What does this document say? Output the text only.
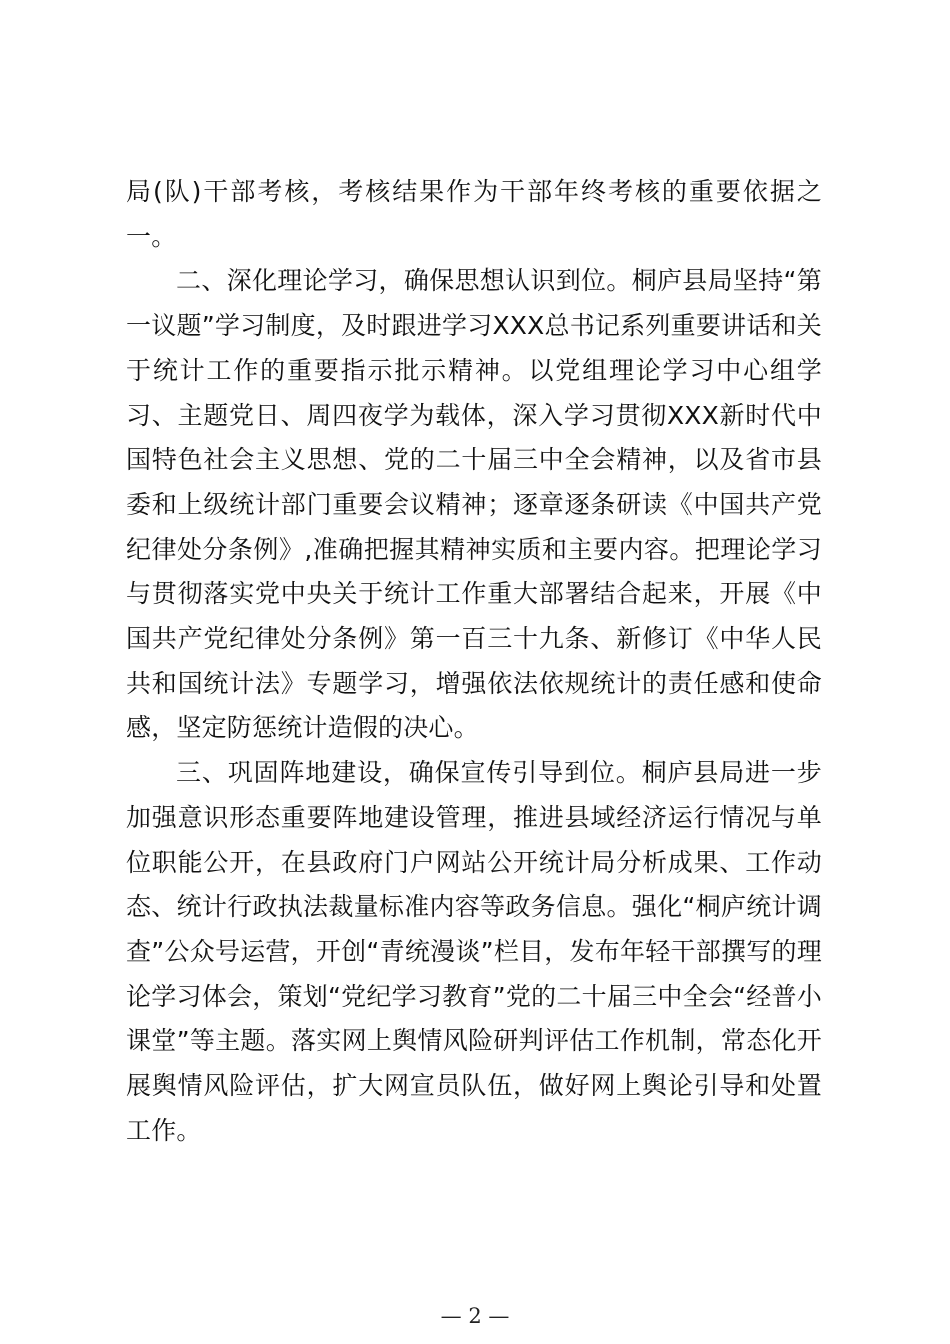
局(队)干部考核，考核结果作为干部年终考核的重要依据之一。

二、深化理论学习，确保思想认识到位。桐庐县局坚持“第一议题”学习制度，及时跟进学习XXX总书记系列重要讲话和关于统计工作的重要指示批示精神。以党组理论学习中心组学习、主题党日、周四夜学为载体，深入学习贯彻XXX新时代中国特色社会主义思想、党的二十届三中全会精神，以及省市县委和上级统计部门重要会议精神；逐章逐条研读《中国共产党纪律处分条例》,准确把握其精神实质和主要内容。把理论学习与贯彻落实党中央关于统计工作重大部署结合起来，开展《中国共产党纪律处分条例》第一百三十九条、新修订《中华人民共和国统计法》专题学习，增强依法依规统计的责任感和使命感，坚定防惩统计造假的决心。

三、巩固阵地建设，确保宣传引导到位。桐庐县局进一步加强意识形态重要阵地建设管理，推进县域经济运行情况与单位职能公开，在县政府门户网站公开统计局分析成果、工作动态、统计行政执法裁量标准内容等政务信息。强化“桐庐统计调查”公众号运营，开创“青统漫谈”栏目，发布年轻干部撰写的理论学习体会，策划“党纪学习教育”党的二十届三中全会“经普小课堂”等主题。落实网上舆情风险研判评估工作机制，常态化开展舆情风险评估，扩大网宣员队伍，做好网上舆论引导和处置工作。

— 2 —
